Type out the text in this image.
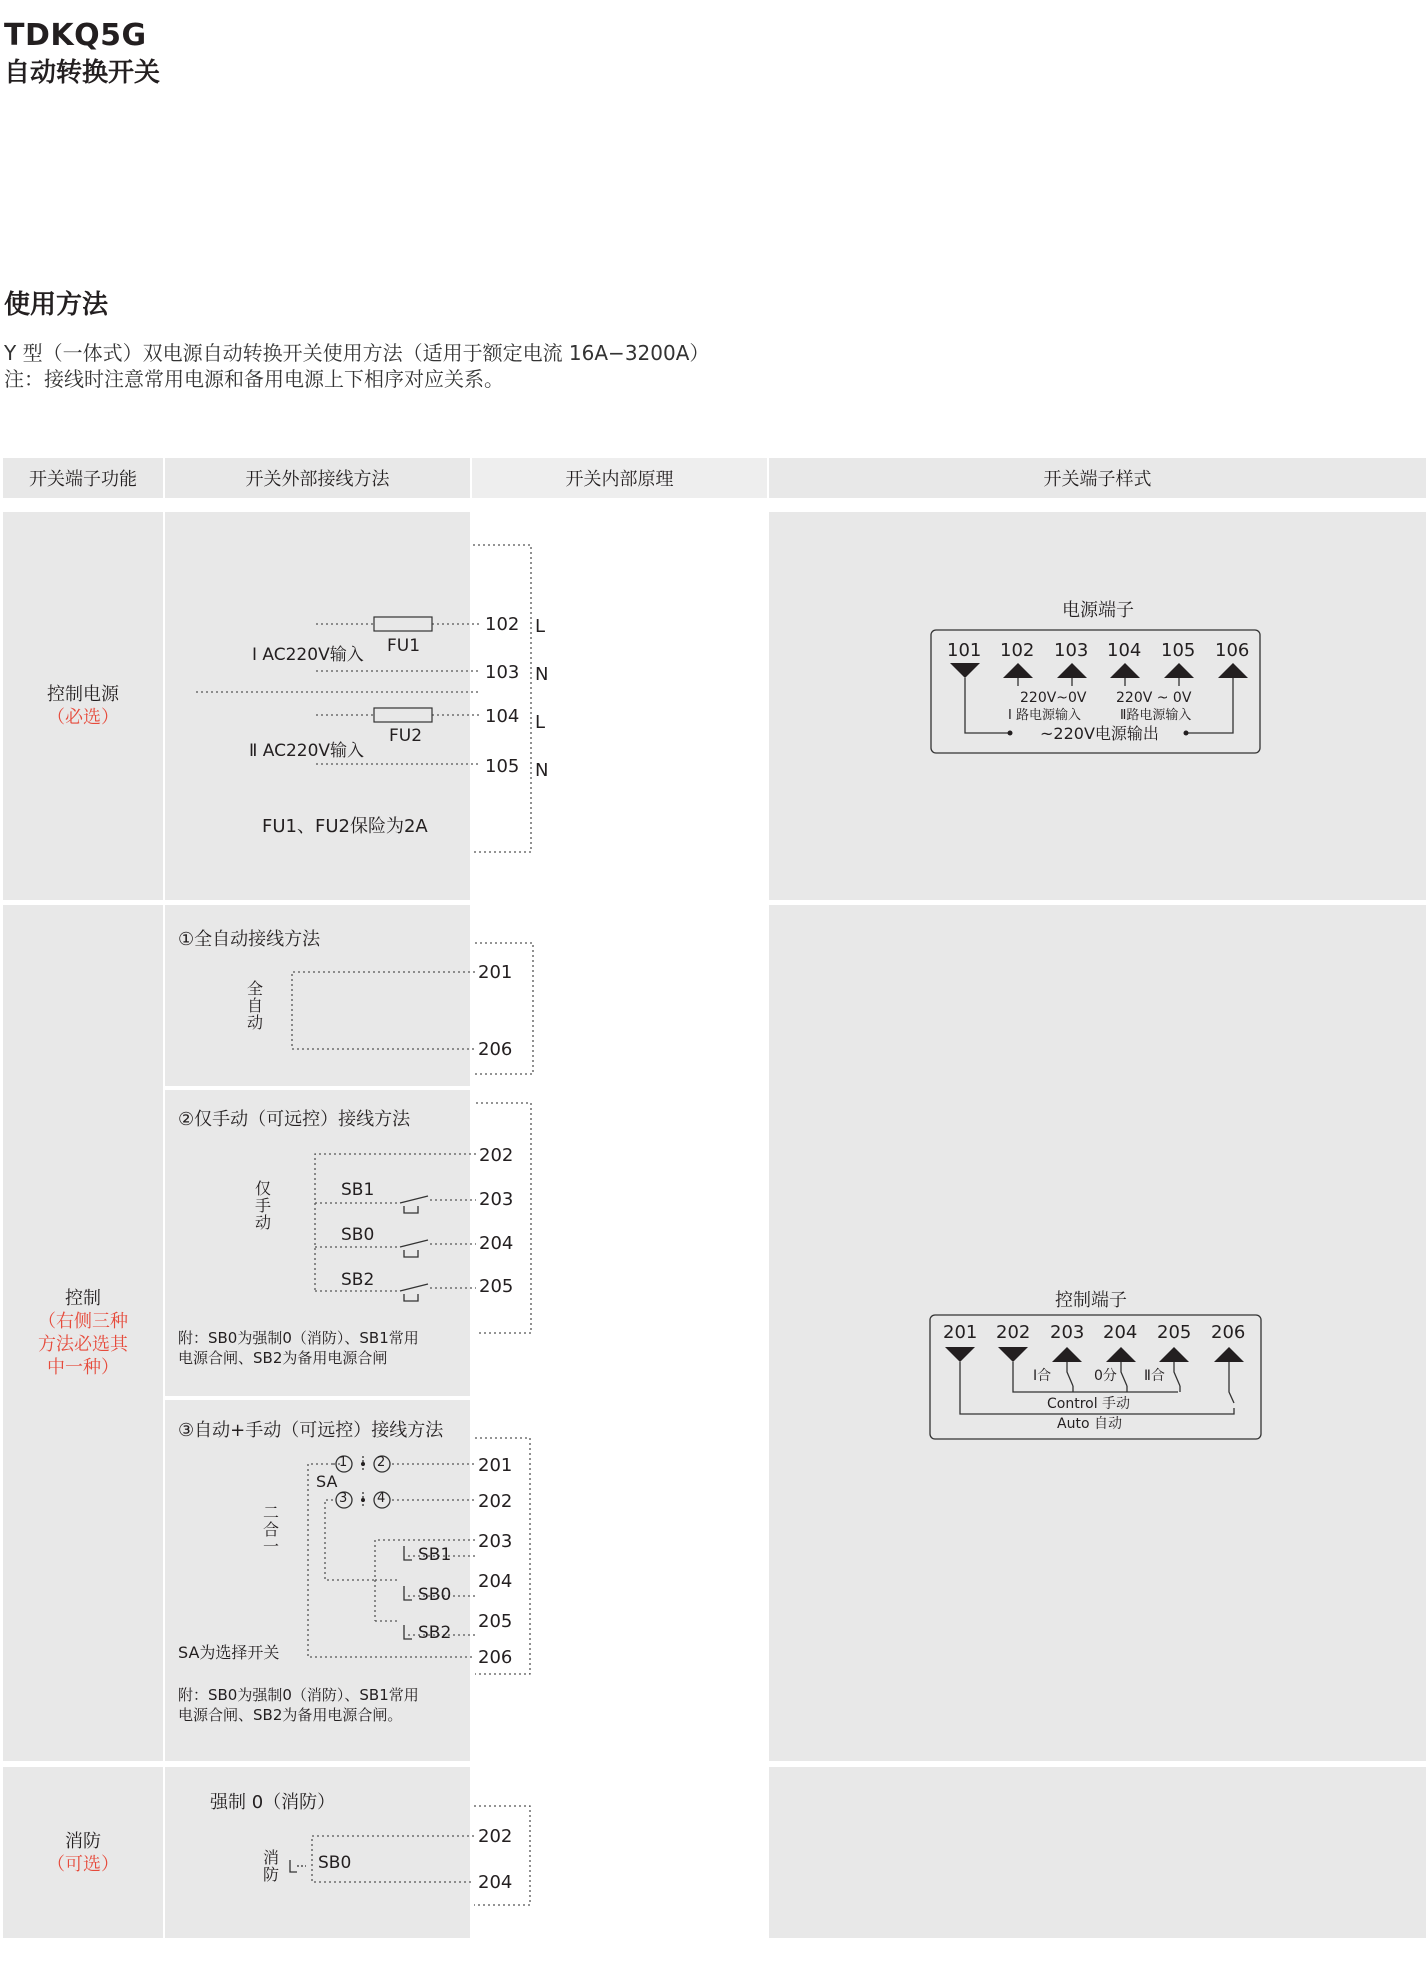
TDKQ5G
自动转换开关
使用方法
Y 型（一体式）双电源自动转换开关使用方法（适用于额定电流 16A−3200A）
注：接线时注意常用电源和备用电源上下相序对应关系。
开关端子功能	开关外部接线方法	开关内部原理	开关端子样式
控制电源
（必选）
Ⅰ AC220V输入 FU1
Ⅱ AC220V输入
FU2
102
103
104
105
L
N
L
N
FU1、FU2保险为2A
电源端子
101 102 103 104 105 106
220V~0V
Ⅰ 路电源输入
220V ~ 0V
Ⅱ路电源输入
~220V电源输出
控制
（右侧三种
方法必选其
中一种）
①全自动接线方法
全自动
201
206
②仅手动（可远控）接线方法
仅手动
SB1
SB0
SB2
202
203
204
205
附：SB0为强制0（消防）、SB1常用
电源合闸、SB2为备用电源合闸
③自动+手动（可远控）接线方法
二合一
1 2
3 4
SA
SB1
SB0
SB2
201
202
203
204
205
206
SA为选择开关
附：SB0为强制0（消防）、SB1常用
电源合闸、SB2为备用电源合闸。
控制端子
201 202 203 204 205 206
Ⅰ合	0分 Ⅱ合
Control 手动
Auto 自动
消防
（可选）
强制 0（消防）
消防
SB0
202
204
